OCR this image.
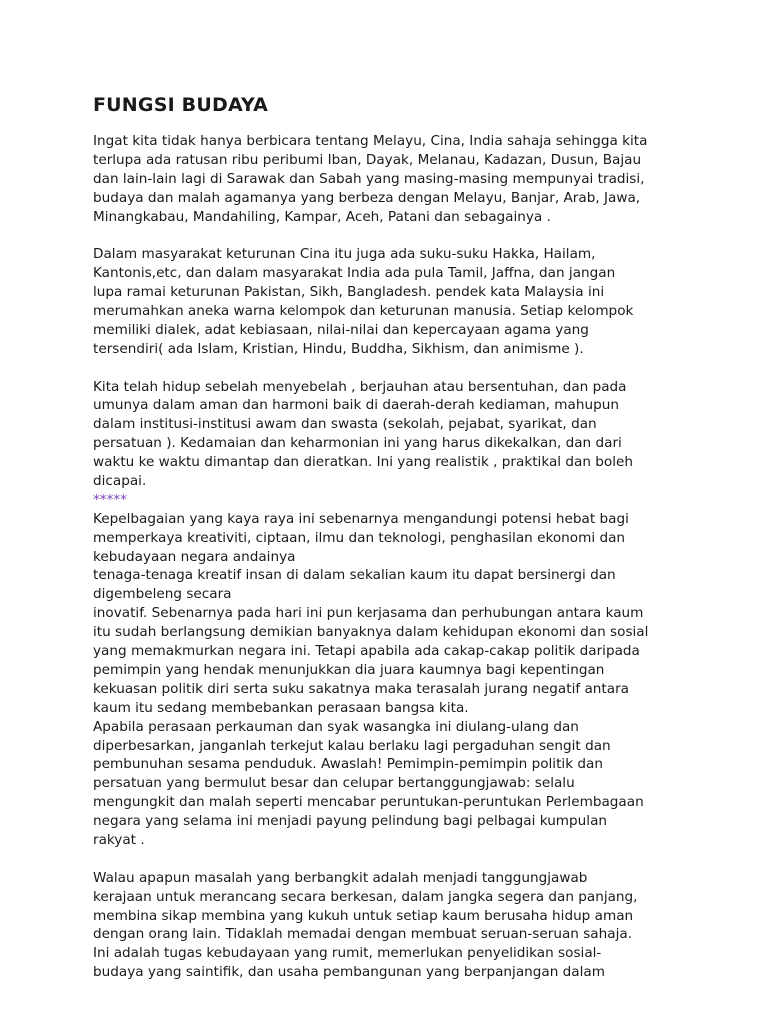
FUNGSI BUDAYA
Ingat kita tidak hanya berbicara tentang Melayu, Cina, India sahaja sehingga kita
terlupa ada ratusan ribu peribumi Iban, Dayak, Melanau, Kadazan, Dusun, Bajau
dan lain-lain lagi di Sarawak dan Sabah yang masing-masing mempunyai tradisi,
budaya dan malah agamanya yang berbeza dengan Melayu, Banjar, Arab, Jawa,
Minangkabau, Mandahiling, Kampar, Aceh, Patani dan sebagainya .
Dalam masyarakat keturunan Cina itu juga ada suku-suku Hakka, Hailam,
Kantonis,etc, dan dalam masyarakat India ada pula Tamil, Jaffna, dan jangan
lupa ramai keturunan Pakistan, Sikh, Bangladesh. pendek kata Malaysia ini
merumahkan aneka warna kelompok dan keturunan manusia. Setiap kelompok
memiliki dialek, adat kebiasaan, nilai-nilai dan kepercayaan agama yang
tersendiri( ada Islam, Kristian, Hindu, Buddha, Sikhism, dan animisme ).
Kita telah hidup sebelah menyebelah , berjauhan atau bersentuhan, dan pada
umunya dalam aman dan harmoni baik di daerah-derah kediaman, mahupun
dalam institusi-institusi awam dan swasta (sekolah, pejabat, syarikat, dan
persatuan ). Kedamaian dan keharmonian ini yang harus dikekalkan, dan dari
waktu ke waktu dimantap dan dieratkan. Ini yang realistik , praktikal dan boleh
dicapai.
*****
Kepelbagaian yang kaya raya ini sebenarnya mengandungi potensi hebat bagi
memperkaya kreativiti, ciptaan, ilmu dan teknologi, penghasilan ekonomi dan
kebudayaan negara andainya
tenaga-tenaga kreatif insan di dalam sekalian kaum itu dapat bersinergi dan
digembeleng secara
inovatif. Sebenarnya pada hari ini pun kerjasama dan perhubungan antara kaum
itu sudah berlangsung demikian banyaknya dalam kehidupan ekonomi dan sosial
yang memakmurkan negara ini. Tetapi apabila ada cakap-cakap politik daripada
pemimpin yang hendak menunjukkan dia juara kaumnya bagi kepentingan
kekuasan politik diri serta suku sakatnya maka terasalah jurang negatif antara
kaum itu sedang membebankan perasaan bangsa kita.
Apabila perasaan perkauman dan syak wasangka ini diulang-ulang dan
diperbesarkan, janganlah terkejut kalau berlaku lagi pergaduhan sengit dan
pembunuhan sesama penduduk. Awaslah! Pemimpin-pemimpin politik dan
persatuan yang bermulut besar dan celupar bertanggungjawab: selalu
mengungkit dan malah seperti mencabar peruntukan-peruntukan Perlembagaan
negara yang selama ini menjadi payung pelindung bagi pelbagai kumpulan
rakyat .
Walau apapun masalah yang berbangkit adalah menjadi tanggungjawab
kerajaan untuk merancang secara berkesan, dalam jangka segera dan panjang,
membina sikap membina yang kukuh untuk setiap kaum berusaha hidup aman
dengan orang lain. Tidaklah memadai dengan membuat seruan-seruan sahaja.
Ini adalah tugas kebudayaan yang rumit, memerlukan penyelidikan sosial-
budaya yang saintifik, dan usaha pembangunan yang berpanjangan dalam
